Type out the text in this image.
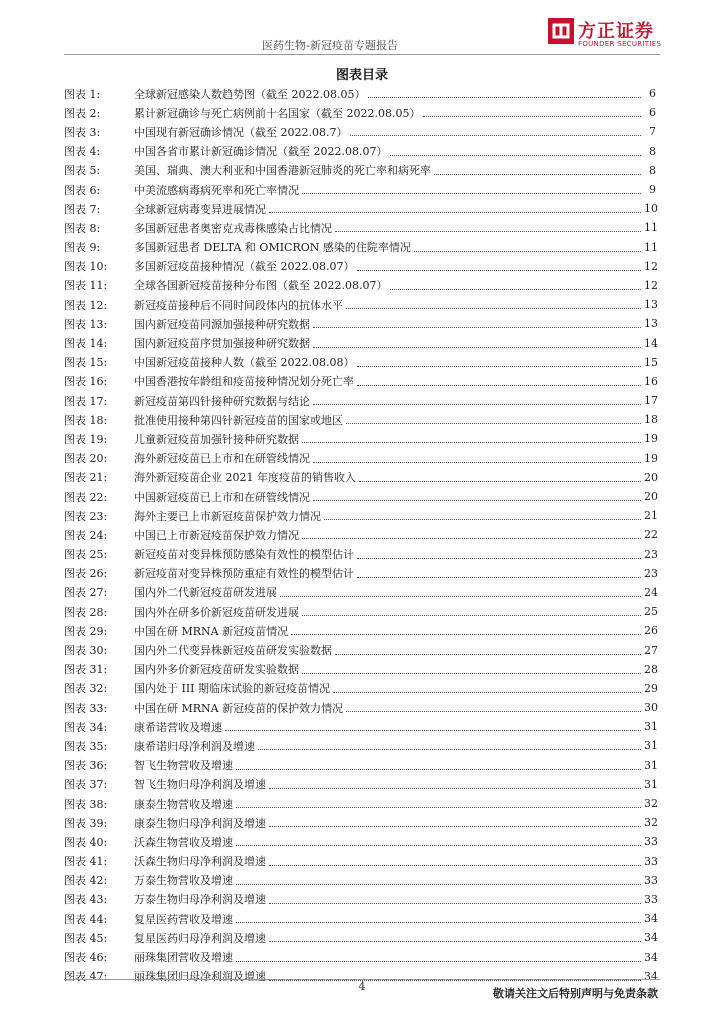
医药生物-新冠疫苗专题报告
方正证券
FOUNDER SECURITIES
图表目录
图表 1:	全球新冠感染人数趋势图（截至 2022.08.05）	6
图表 2:	累计新冠确诊与死亡病例前十名国家（截至 2022.08.05）	6
图表 3:	中国现有新冠确诊情况（截至 2022.08.7）	7
图表 4:	中国各省市累计新冠确诊情况（截至 2022.08.07）	8
图表 5:	美国、瑞典、澳大利亚和中国香港新冠肺炎的死亡率和病死率	8
图表 6:	中美流感病毒病死率和死亡率情况	9
图表 7:	全球新冠病毒变异进展情况	10
图表 8:	多国新冠患者奥密克戎毒株感染占比情况	11
图表 9:	多国新冠患者 DELTA 和 OMICRON 感染的住院率情况	11
图表 10:	多国新冠疫苗接种情况（截至 2022.08.07）	12
图表 11:	全球各国新冠疫苗接种分布图（截至 2022.08.07）	12
图表 12:	新冠疫苗接种后不同时间段体内的抗体水平	13
图表 13:	国内新冠疫苗同源加强接种研究数据	13
图表 14:	国内新冠疫苗序贯加强接种研究数据	14
图表 15:	中国新冠疫苗接种人数（截至 2022.08.08）	15
图表 16:	中国香港按年龄组和疫苗接种情况划分死亡率	16
图表 17:	新冠疫苗第四针接种研究数据与结论	17
图表 18:	批准使用接种第四针新冠疫苗的国家或地区	18
图表 19:	儿童新冠疫苗加强针接种研究数据	19
图表 20:	海外新冠疫苗已上市和在研管线情况	19
图表 21:	海外新冠疫苗企业 2021 年度疫苗的销售收入	20
图表 22:	中国新冠疫苗已上市和在研管线情况	20
图表 23:	海外主要已上市新冠疫苗保护效力情况	21
图表 24:	中国已上市新冠疫苗保护效力情况	22
图表 25:	新冠疫苗对变异株预防感染有效性的模型估计	23
图表 26:	新冠疫苗对变异株预防重症有效性的模型估计	23
图表 27:	国内外二代新冠疫苗研发进展	24
图表 28:	国内外在研多价新冠疫苗研发进展	25
图表 29:	中国在研 MRNA 新冠疫苗情况	26
图表 30:	国内外二代变异株新冠疫苗研发实验数据	27
图表 31:	国内外多价新冠疫苗研发实验数据	28
图表 32:	国内处于 III 期临床试验的新冠疫苗情况	29
图表 33:	中国在研 MRNA 新冠疫苗的保护效力情况	30
图表 34:	康希诺营收及增速	31
图表 35:	康希诺归母净利润及增速	31
图表 36:	智飞生物营收及增速	31
图表 37:	智飞生物归母净利润及增速	31
图表 38:	康泰生物营收及增速	32
图表 39:	康泰生物归母净利润及增速	32
图表 40:	沃森生物营收及增速	33
图表 41:	沃森生物归母净利润及增速	33
图表 42:	万泰生物营收及增速	33
图表 43:	万泰生物归母净利润及增速	33
图表 44:	复星医药营收及增速	34
图表 45:	复星医药归母净利润及增速	34
图表 46:	丽珠集团营收及增速	34
图表 47:	丽珠集团归母净利润及增速	34
4
敬请关注文后特别声明与免责条款
